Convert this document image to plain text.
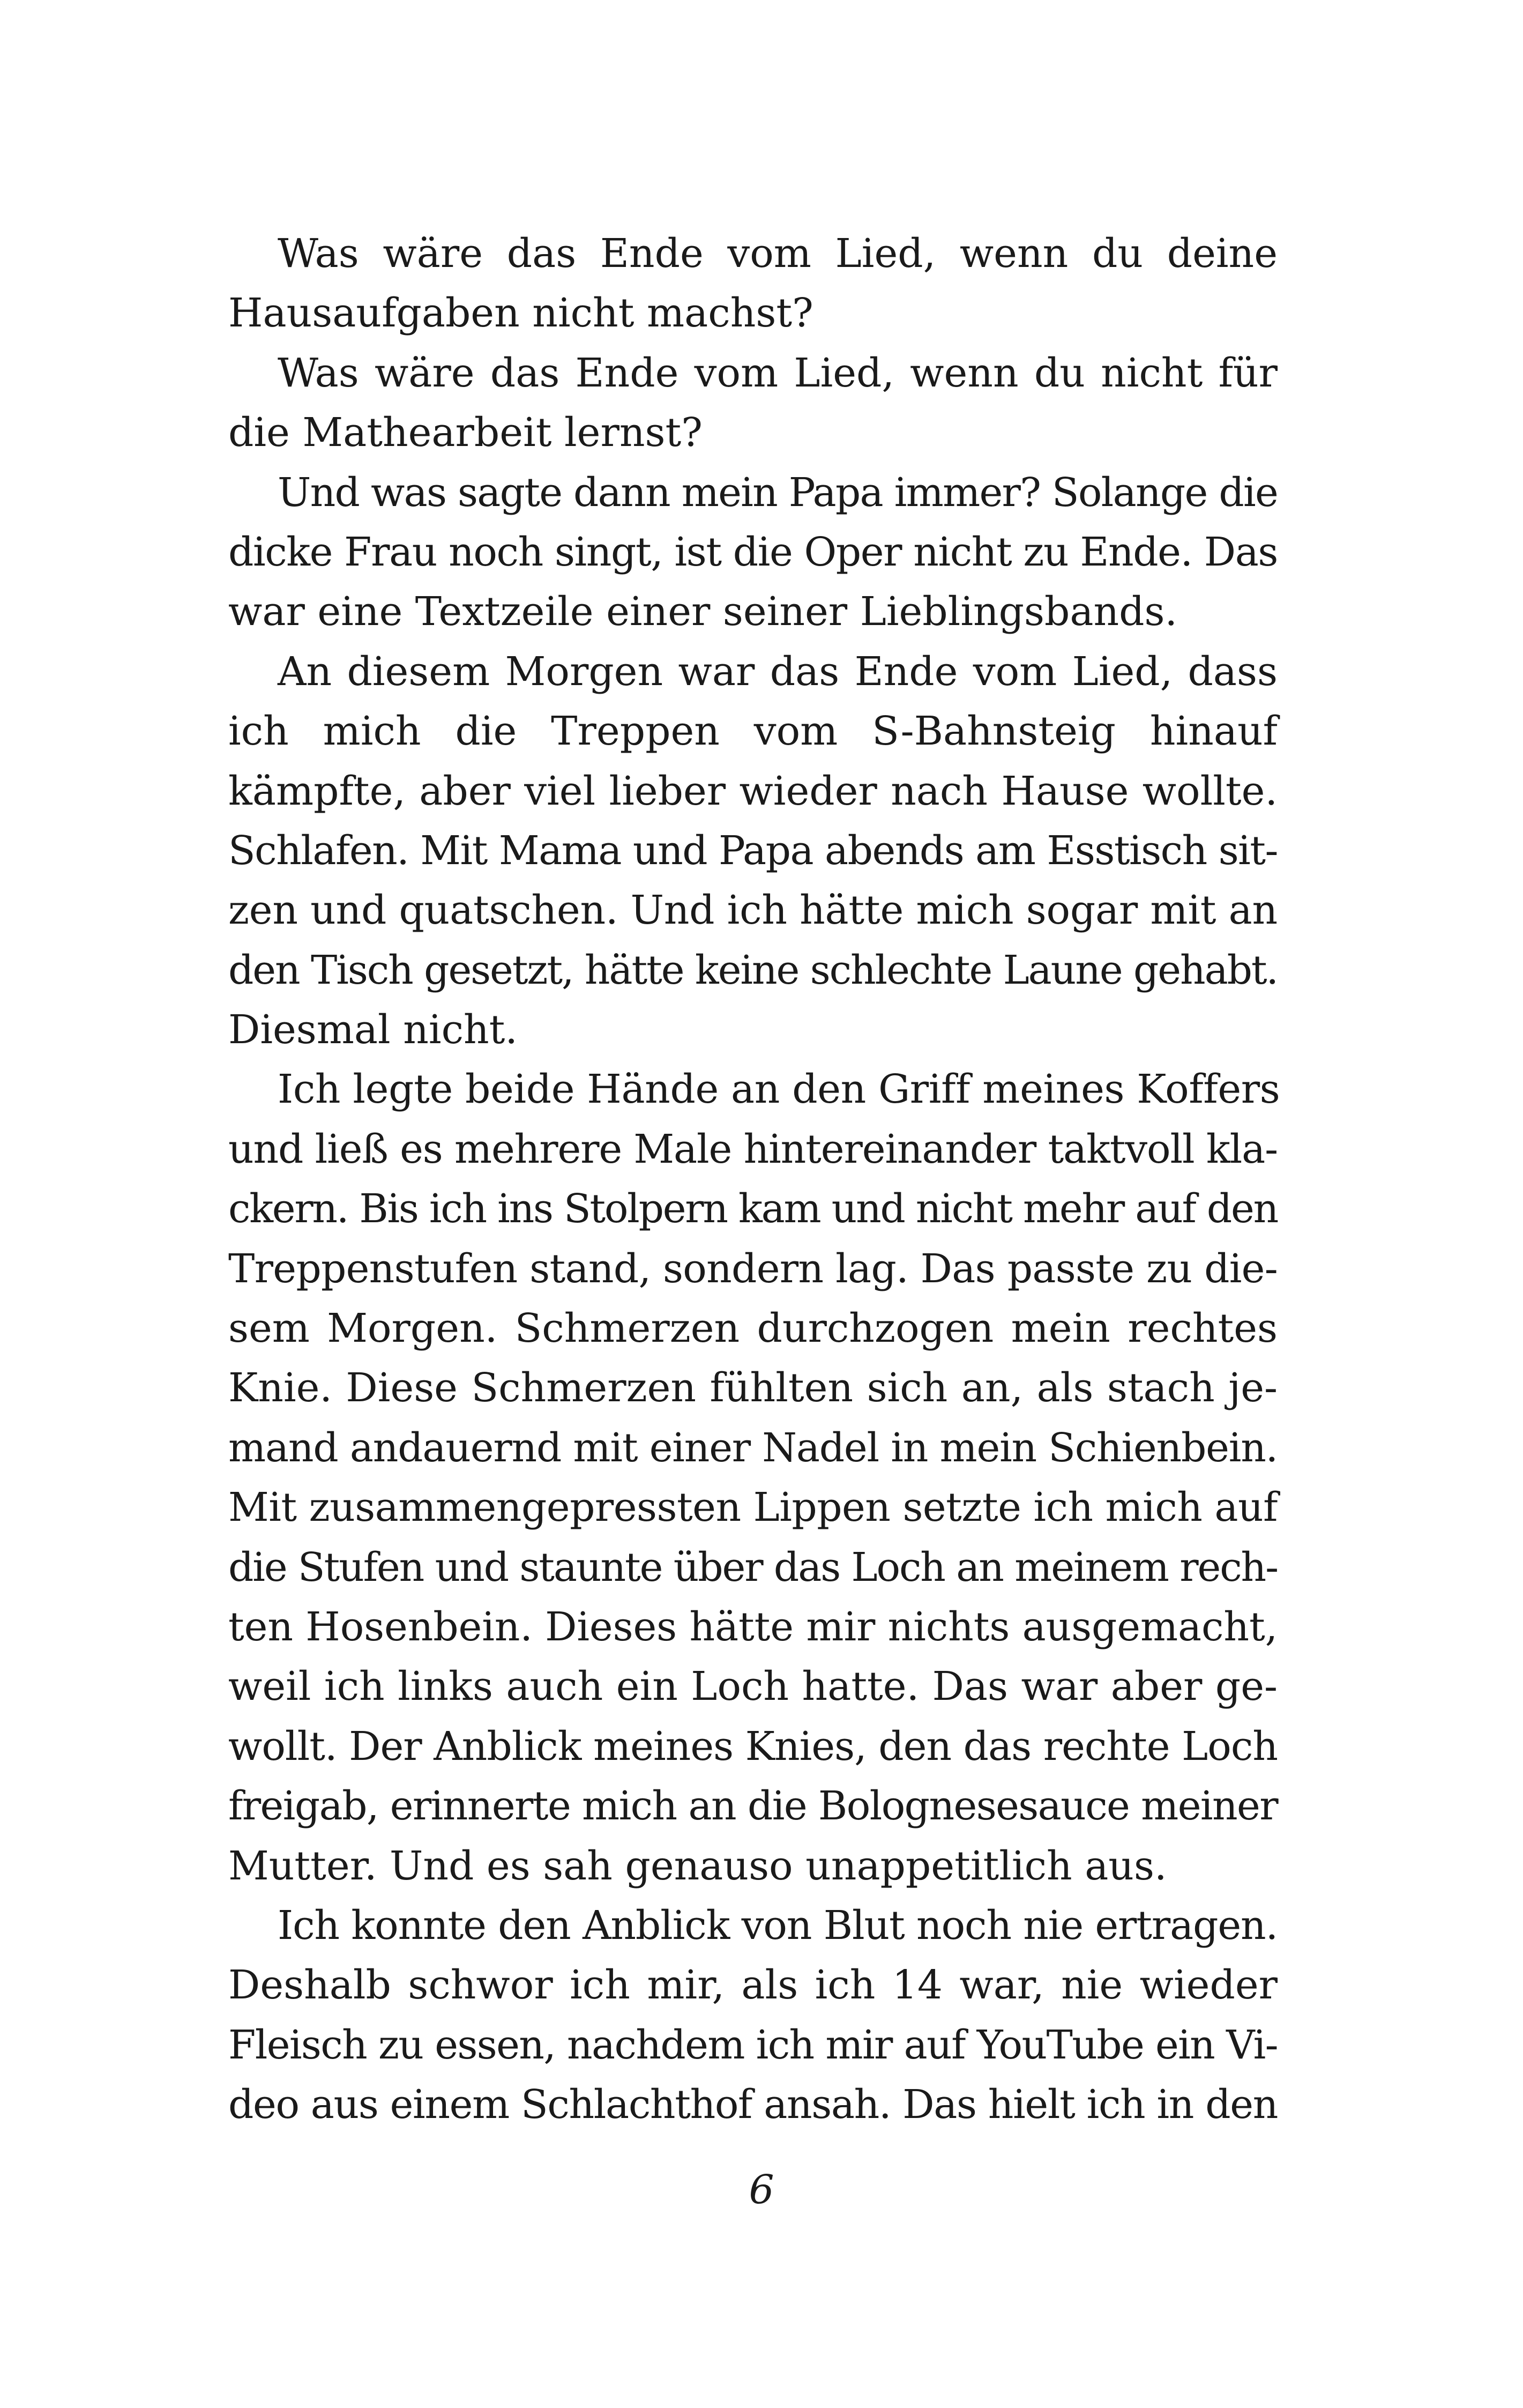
Was wäre das Ende vom Lied, wenn du deine
Hausaufgaben nicht machst?
Was wäre das Ende vom Lied, wenn du nicht für
die Mathearbeit lernst?
Und was sagte dann mein Papa immer? Solange die
dicke Frau noch singt, ist die Oper nicht zu Ende. Das
war eine Textzeile einer seiner Lieblingsbands.
An diesem Morgen war das Ende vom Lied, dass
ich mich die Treppen vom S-Bahnsteig hinauf
kämpfte, aber viel lieber wieder nach Hause wollte.
Schlafen. Mit Mama und Papa abends am Esstisch sit-
zen und quatschen. Und ich hätte mich sogar mit an
den Tisch gesetzt, hätte keine schlechte Laune gehabt.
Diesmal nicht.
Ich legte beide Hände an den Griff meines Koffers
und ließ es mehrere Male hintereinander taktvoll kla-
ckern. Bis ich ins Stolpern kam und nicht mehr auf den
Treppenstufen stand, sondern lag. Das passte zu die-
sem Morgen. Schmerzen durchzogen mein rechtes
Knie. Diese Schmerzen fühlten sich an, als stach je-
mand andauernd mit einer Nadel in mein Schienbein.
Mit zusammengepressten Lippen setzte ich mich auf
die Stufen und staunte über das Loch an meinem rech-
ten Hosenbein. Dieses hätte mir nichts ausgemacht,
weil ich links auch ein Loch hatte. Das war aber ge-
wollt. Der Anblick meines Knies, den das rechte Loch
freigab, erinnerte mich an die Bolognesesauce meiner
Mutter. Und es sah genauso unappetitlich aus.
Ich konnte den Anblick von Blut noch nie ertragen.
Deshalb schwor ich mir, als ich 14 war, nie wieder
Fleisch zu essen, nachdem ich mir auf YouTube ein Vi-
deo aus einem Schlachthof ansah. Das hielt ich in den
6
